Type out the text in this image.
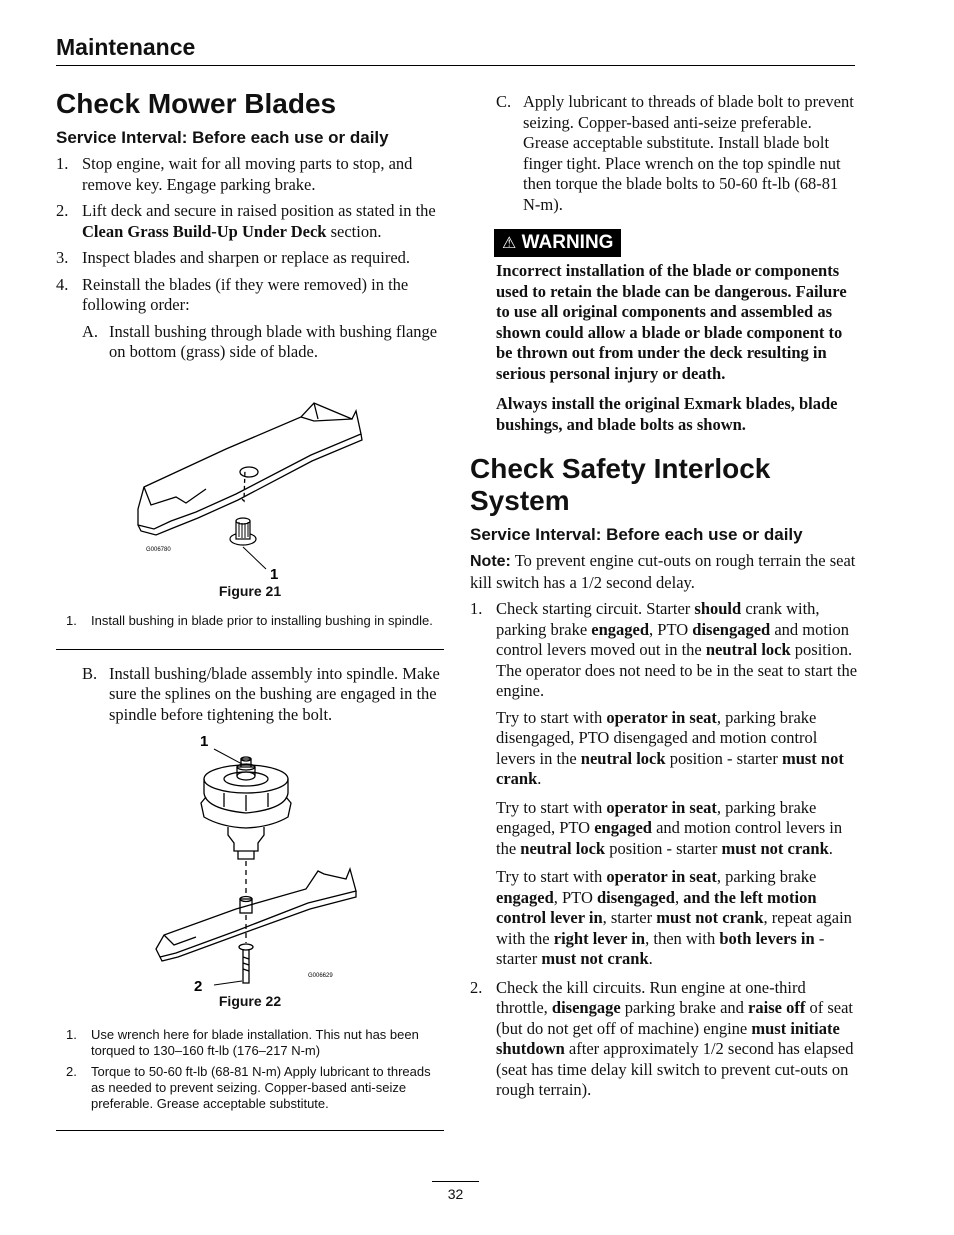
Maintenance
Check Mower Blades
Service Interval: Before each use or daily
1. Stop engine, wait for all moving parts to stop, and remove key. Engage parking brake.
2. Lift deck and secure in raised position as stated in the Clean Grass Build-Up Under Deck section.
3. Inspect blades and sharpen or replace as required.
4. Reinstall the blades (if they were removed) in the following order:
A. Install bushing through blade with bushing flange on bottom (grass) side of blade.
G006780
1
Figure 21
1. Install bushing in blade prior to installing bushing in spindle.
B. Install bushing/blade assembly into spindle. Make sure the splines on the bushing are engaged in the spindle before tightening the bolt.
1
2
G006629
Figure 22
1. Use wrench here for blade installation. This nut has been torqued to 130–160 ft-lb (176–217 N-m)
2. Torque to 50-60 ft-lb (68-81 N-m) Apply lubricant to threads as needed to prevent seizing. Copper-based anti-seize preferable. Grease acceptable substitute.
C. Apply lubricant to threads of blade bolt to prevent seizing. Copper-based anti-seize preferable. Grease acceptable substitute. Install blade bolt finger tight. Place wrench on the top spindle nut then torque the blade bolts to 50-60 ft-lb (68-81 N-m).
⚠ WARNING
Incorrect installation of the blade or components used to retain the blade can be dangerous. Failure to use all original components and assembled as shown could allow a blade or blade component to be thrown out from under the deck resulting in serious personal injury or death.
Always install the original Exmark blades, blade bushings, and blade bolts as shown.
Check Safety Interlock System
Service Interval: Before each use or daily
Note: To prevent engine cut-outs on rough terrain the seat kill switch has a 1/2 second delay.
1. Check starting circuit. Starter should crank with, parking brake engaged, PTO disengaged and motion control levers moved out in the neutral lock position. The operator does not need to be in the seat to start the engine.
Try to start with operator in seat, parking brake disengaged, PTO disengaged and motion control levers in the neutral lock position - starter must not crank.
Try to start with operator in seat, parking brake engaged, PTO engaged and motion control levers in the neutral lock position - starter must not crank.
Try to start with operator in seat, parking brake engaged, PTO disengaged, and the left motion control lever in, starter must not crank, repeat again with the right lever in, then with both levers in - starter must not crank.
2. Check the kill circuits. Run engine at one-third throttle, disengage parking brake and raise off of seat (but do not get off of machine) engine must initiate shutdown after approximately 1/2 second has elapsed (seat has time delay kill switch to prevent cut-outs on rough terrain).
32
